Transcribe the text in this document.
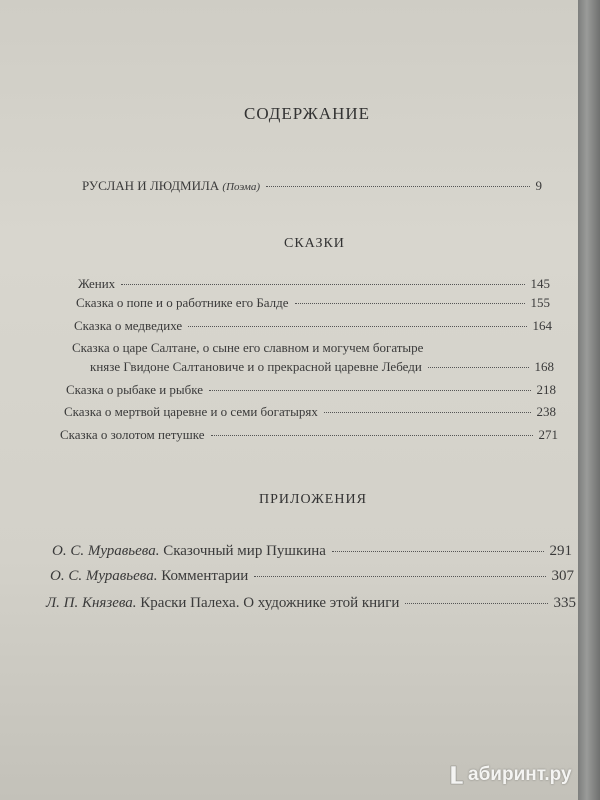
СОДЕРЖАНИЕ
РУСЛАН И ЛЮДМИЛА (Поэма)	9
СКАЗКИ
Жених	145
Сказка о попе и о работнике его Балде	155
Сказка о медведихе	164
Сказка о царе Салтане, о сыне его славном и могучем богатыре
князе Гвидоне Салтановиче и о прекрасной царевне Лебеди	168
Сказка о рыбаке и рыбке	218
Сказка о мертвой царевне и о семи богатырях	238
Сказка о золотом петушке	271
ПРИЛОЖЕНИЯ
О. С. Муравьева. Сказочный мир Пушкина	291
О. С. Муравьева. Комментарии	307
Л. П. Князева. Краски Палеха. О художнике этой книги	335
абиринт.ру
